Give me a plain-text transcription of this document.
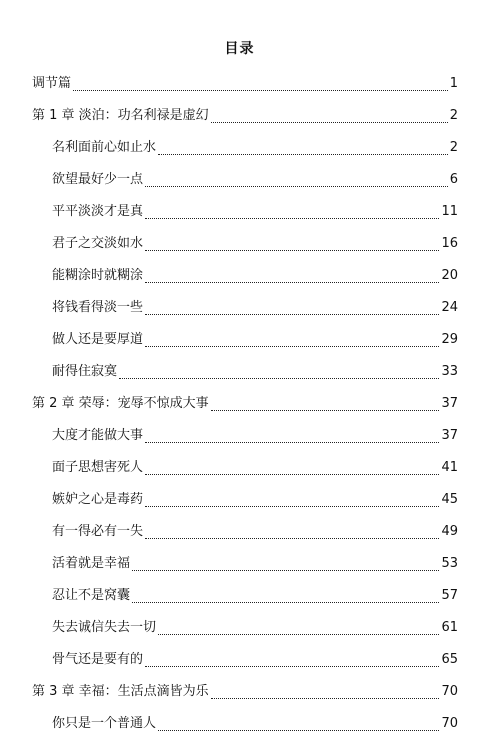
目录
调节篇	1
第 1 章 淡泊：功名利禄是虚幻	2
名利面前心如止水	2
欲望最好少一点	6
平平淡淡才是真	11
君子之交淡如水	16
能糊涂时就糊涂	20
将钱看得淡一些	24
做人还是要厚道	29
耐得住寂寞	33
第 2 章 荣辱：宠辱不惊成大事	37
大度才能做大事	37
面子思想害死人	41
嫉妒之心是毒药	45
有一得必有一失	49
活着就是幸福	53
忍让不是窝囊	57
失去诚信失去一切	61
骨气还是要有的	65
第 3 章 幸福：生活点滴皆为乐	70
你只是一个普通人	70
